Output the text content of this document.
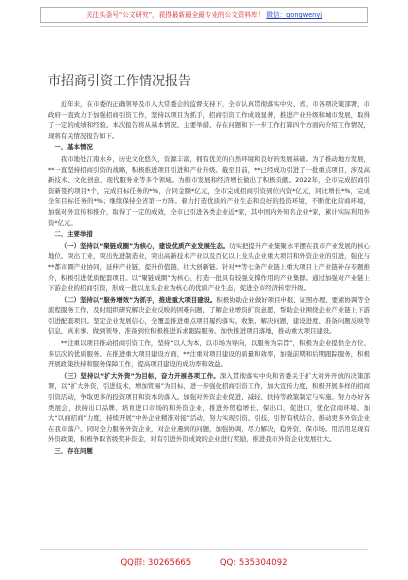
关注头条号“公文研究”，获得最新最全最专业的公文资料库！ 微信：gongwenyj
市招商引资工作情况报告

近年来，在市委的正确领导及市人大常委会的监督支持下，全市认真贯彻落实中央、省、市各项决策部署，市政府一直致力于加强招商引资工作，坚持以项目为抓手，招商引资工作成效显著，推进产业升级和城市发展，取得了一定的成绩和经验。本次报告将从基本情况、主要举措、存在问题和下一步工作打算四个方面向介绍工作情况，现将有关情况报告如下。

一、基本情况

我市地处江南水乡，历史文化悠久，资源丰富，拥有优美的自然环境和良好的发展基础。为了推动地方发展，**一直坚持招商引资的战略，积极推进项目引进和产业升级。截至目前，**已经成功引进了一批重点项目，涉及高新技术、文化创意、现代服务业等多个领域。为推市发展和经济增长做出了积极贡献。2022年，全市完成招商引资新签约项目*个，完成目标任务的*%，合同金额*亿元，全市完成招商引资到位内资*亿元，同比增长*%，完成全年目标任务的*%；继续保持全省第一方阵。着力打造优质的产业生态和良好的投资环境，不断优化营商环境，加强对外宣传和推介，取得了一定的成效，全市已引进各类企业近*家，其中国内外知名企业*家，累计实际利用外资*亿元。

二、主要举措

（一）坚持以“聚链成圈”为核心，建设优质产业发展生态。功实把提升产业集聚水平摆在我市产业发展的核心地位。突出工业，突出先进制造业，突出高新技术产业以及百亿以上龙头企业重大项目和外资企业的引进，强化与**都市圈产业协同，延伸产业链，提升价值链，壮大创新链。针对**等七条产业链上重大项目上产业链补存专题推介，积极引进优质配套项目。以“聚链成圈”为核心，打造一批具有较强支撑作用的产业集群。通过加强对产业链上下游企业的招商引资，形成一批以龙头企业为核心的优质产业生态，促进全市经济转型升级。

（二）坚持以“服务增效”为抓手，推进重大项目建设。积极协助企业做好项目申报、证照办理、要素协调等全流程服务工作，及时组织研究解决企业反映的困难问题，了解企业增资扩资意愿，帮助企业围绕企业产业链上下游引进配套项目。坚定企业发展信心，全覆盖推进重点项目履约落实。收集、解决问题，建设进度、准备问题反映等信息，真来事、做到领导、准备到位积极推进诉求跟踪服务。加快推进项目落地，推动重大项目建设。

**注重以项目推动招商引资工作，坚持“以人为本，以市场为导向，以服务为宗旨”，积极为企业提供全方位、多层次的优质服务。在推进重大项目建设方面，**注重对项目建设的质量和效率，加强前期和后期跟踪服务，积极开展政策扶持和服务保障工作，提高项目建设的成功率和效益。

（三）坚持以“扩大外资”为目标，奋力开展各项工作。深入贯彻落实中央和省委关于扩大对外开放的决策部署，以“扩大外资，引进技术，增加贸易”为目标，进一步强化招商引资工作，加大宣传力度，积极开展多样的招商引资活动，争取更多的投资项目和资本的落入。加强对外资企业促进、减轻、扶持等政策制定与实施。努力办好各类展会，扶持出口品牌、培育进口市场的和外资企业，推进外贸稳增长、保出口、促进口，优化营商环境。加大“以商招商”力度，持续开展“中外企业精准对接”活动，努力实现引资、引技、引智有机结合，推动更多外资企业在我市落户。同时全力服务外资企业，对企业遇到的问题，加强协调，尽力解决，稳外资、保市场。用活用足现有外资政策，积极争取省级奖补资金，对有引进外资成效的企业进行奖励，推进我市外资企业发展壮大。

三、存在问题

QQ群: 30265665	QQ: 535304092
